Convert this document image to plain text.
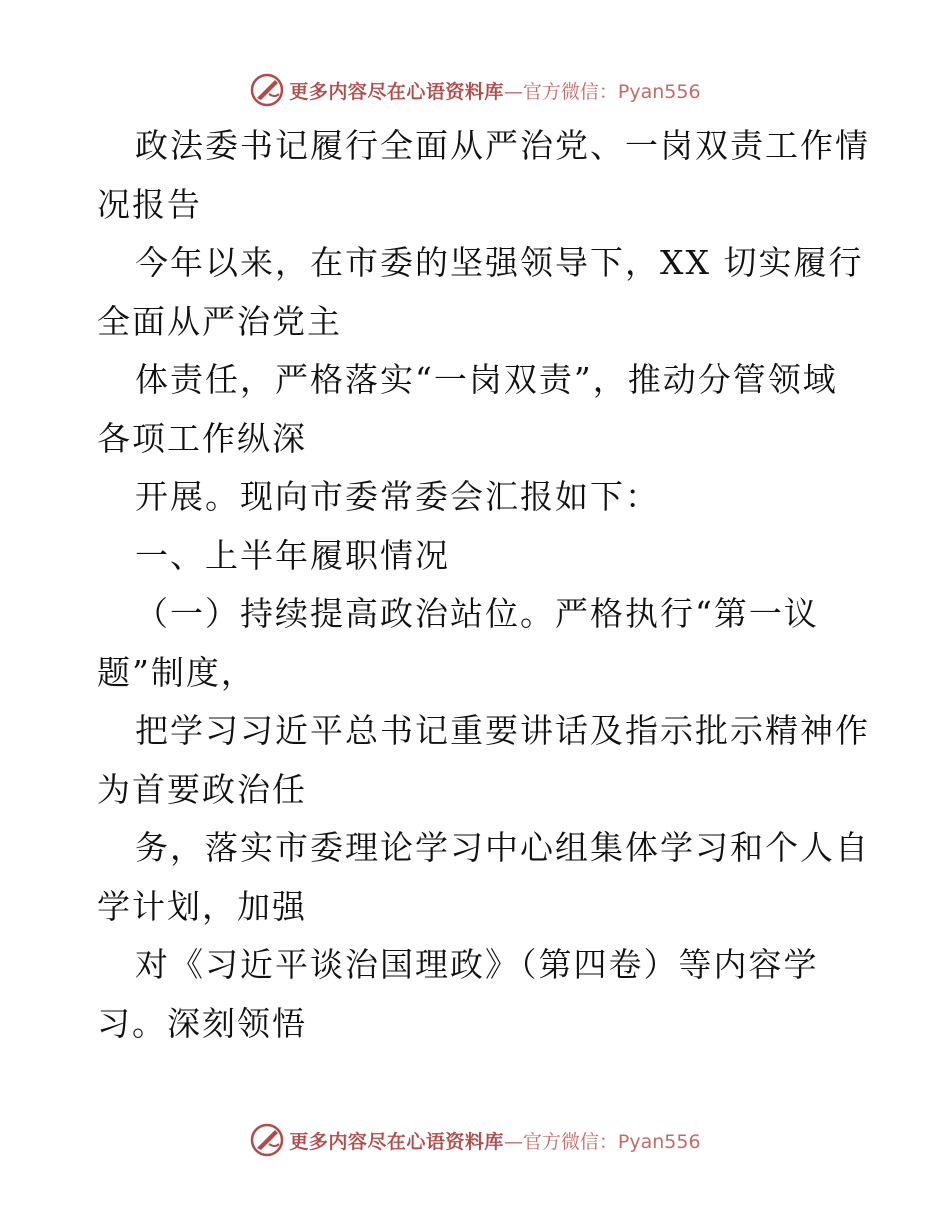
更多内容尽在心语资料库 —官方微信：Pyan556
政法委书记履行全面从严治党、一岗双责工作情
况报告
今年以来，在市委的坚强领导下，XX 切实履行
全面从严治党主
体责任，严格落实“一岗双责”，推动分管领域
各项工作纵深
开展。现向市委常委会汇报如下：
一、上半年履职情况
（一）持续提高政治站位。严格执行“第一议
题”制度，
把学习习近平总书记重要讲话及指示批示精神作
为首要政治任
务，落实市委理论学习中心组集体学习和个人自
学计划，加强
对《习近平谈治国理政》（第四卷）等内容学
习。深刻领悟
更多内容尽在心语资料库 —官方微信：Pyan556
